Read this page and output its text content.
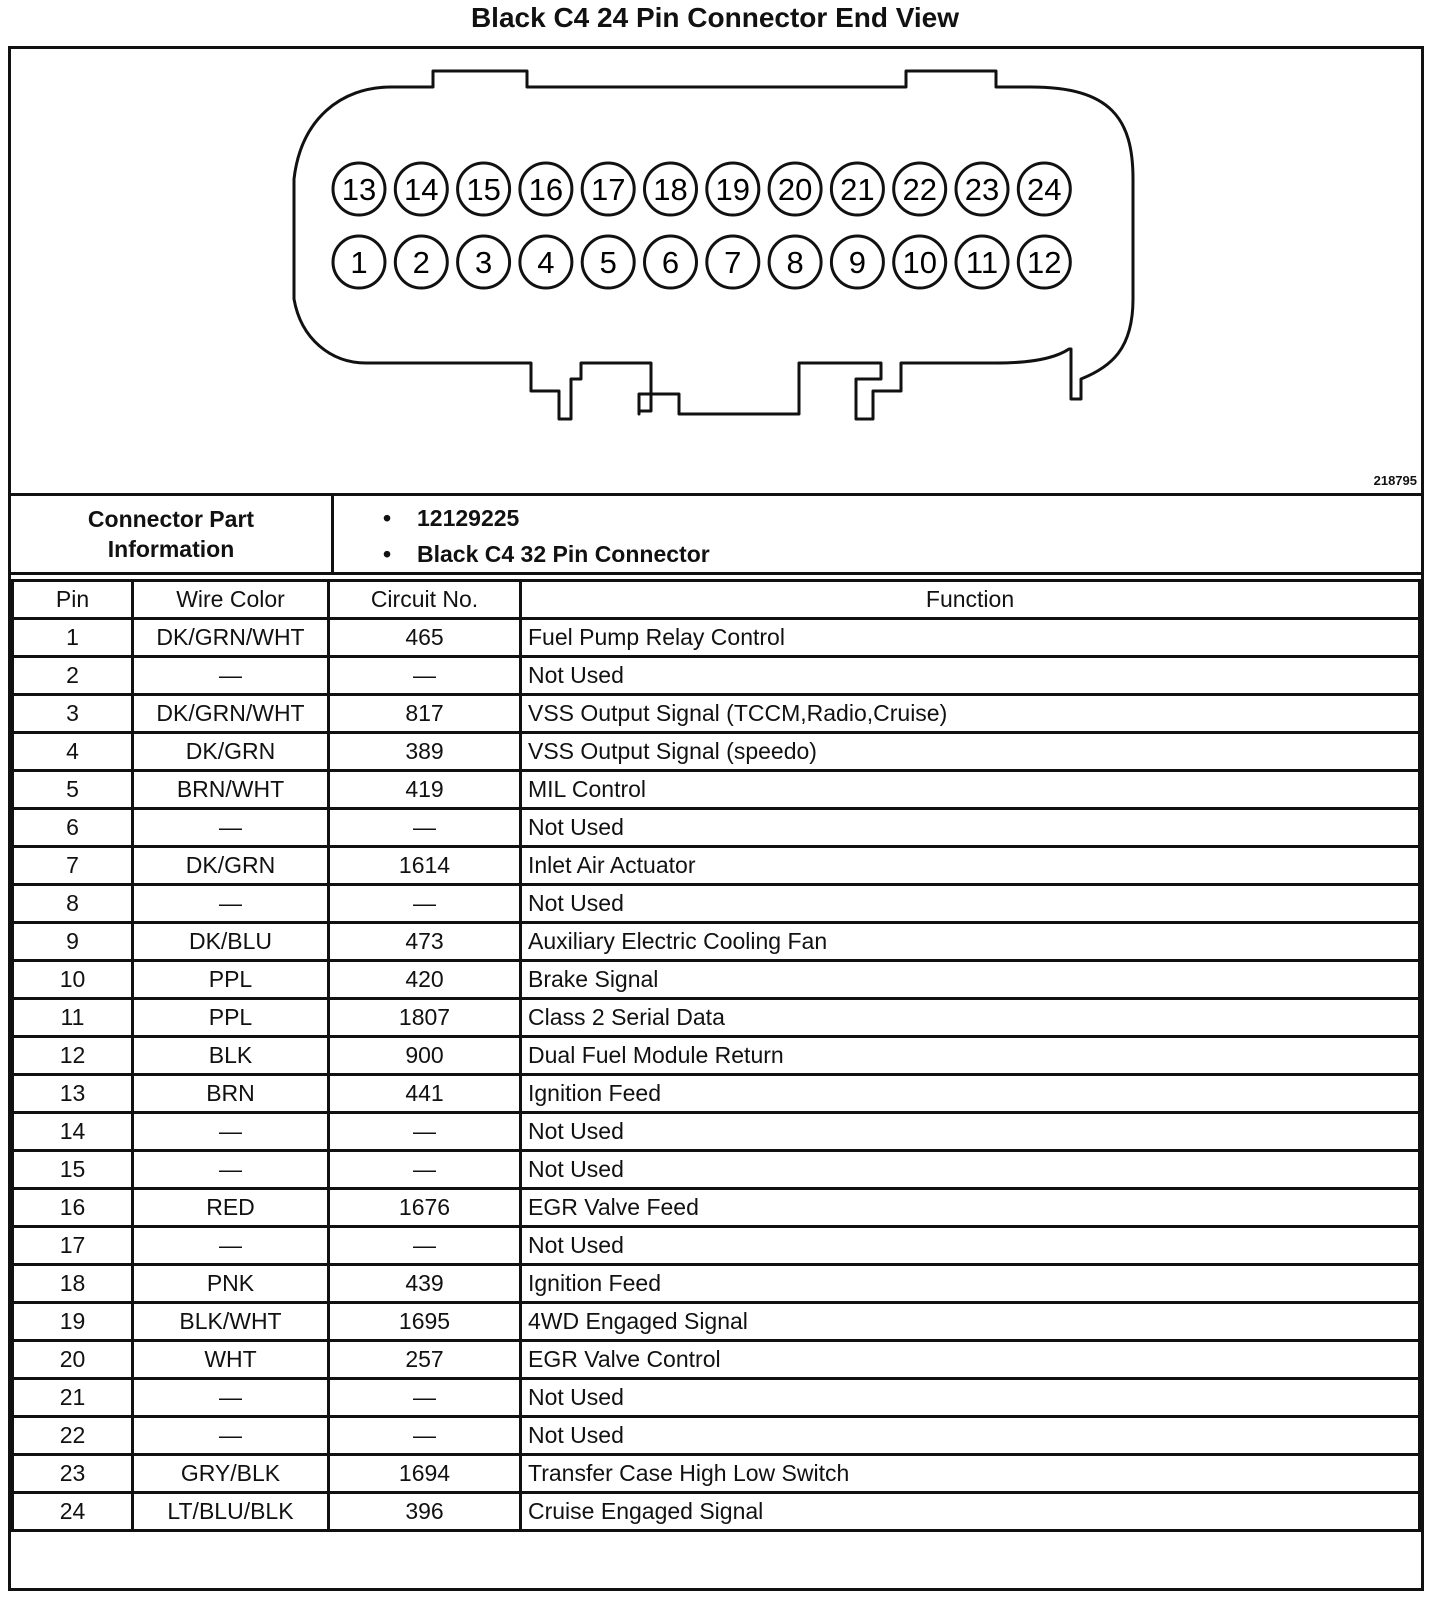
Black C4 24 Pin Connector End View
13 14 15 16 17 18 19 20 21 22 23 24
1 2 3 4 5 6 7 8 9 10 11 12
218795
Connector Part Information
• 12129225
• Black C4 32 Pin Connector
Pin	Wire Color	Circuit No.	Function
1	DK/GRN/WHT	465	Fuel Pump Relay Control
2	—	—	Not Used
3	DK/GRN/WHT	817	VSS Output Signal (TCCM,Radio,Cruise)
4	DK/GRN	389	VSS Output Signal (speedo)
5	BRN/WHT	419	MIL Control
6	—	—	Not Used
7	DK/GRN	1614	Inlet Air Actuator
8	—	—	Not Used
9	DK/BLU	473	Auxiliary Electric Cooling Fan
10	PPL	420	Brake Signal
11	PPL	1807	Class 2 Serial Data
12	BLK	900	Dual Fuel Module Return
13	BRN	441	Ignition Feed
14	—	—	Not Used
15	—	—	Not Used
16	RED	1676	EGR Valve Feed
17	—	—	Not Used
18	PNK	439	Ignition Feed
19	BLK/WHT	1695	4WD Engaged Signal
20	WHT	257	EGR Valve Control
21	—	—	Not Used
22	—	—	Not Used
23	GRY/BLK	1694	Transfer Case High Low Switch
24	LT/BLU/BLK	396	Cruise Engaged Signal
